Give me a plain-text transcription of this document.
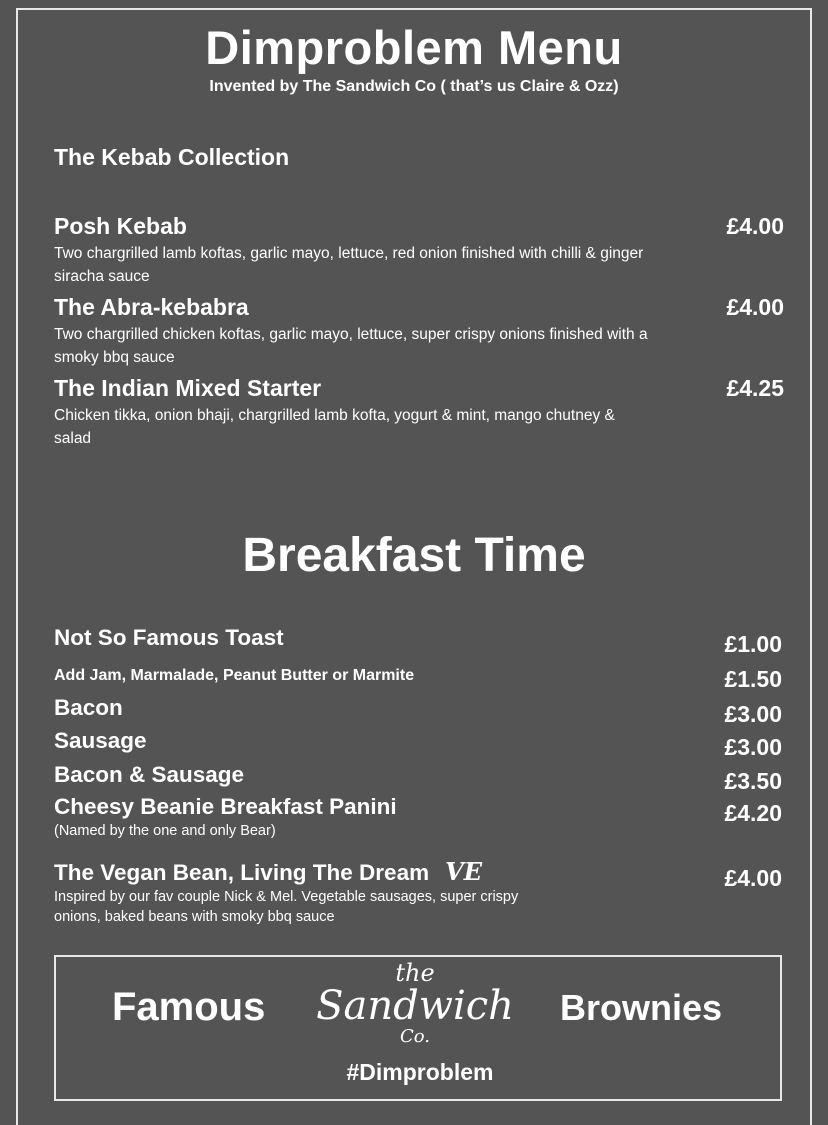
Dimproblem Menu
Invented by The Sandwich Co ( that’s us Claire & Ozz)
The Kebab Collection
Posh Kebab	£4.00
Two chargrilled lamb koftas, garlic mayo, lettuce, red onion finished with chilli & ginger siracha sauce
The Abra-kebabra	£4.00
Two chargrilled chicken koftas, garlic mayo, lettuce, super crispy onions finished with a smoky bbq sauce
The Indian Mixed Starter	£4.25
Chicken tikka, onion bhaji, chargrilled lamb kofta, yogurt & mint, mango chutney & salad
Breakfast Time
Not So Famous Toast	£1.00
Add Jam, Marmalade, Peanut Butter or Marmite	£1.50
Bacon	£3.00
Sausage	£3.00
Bacon & Sausage	£3.50
Cheesy Beanie Breakfast Panini	£4.20
(Named by the one and only Bear)
The Vegan Bean, Living The Dream VE	£4.00
Inspired by our fav couple Nick & Mel. Vegetable sausages, super crispy onions, baked beans with smoky bbq sauce
Famous
the
Sandwich
Co.
Brownies
#Dimproblem
